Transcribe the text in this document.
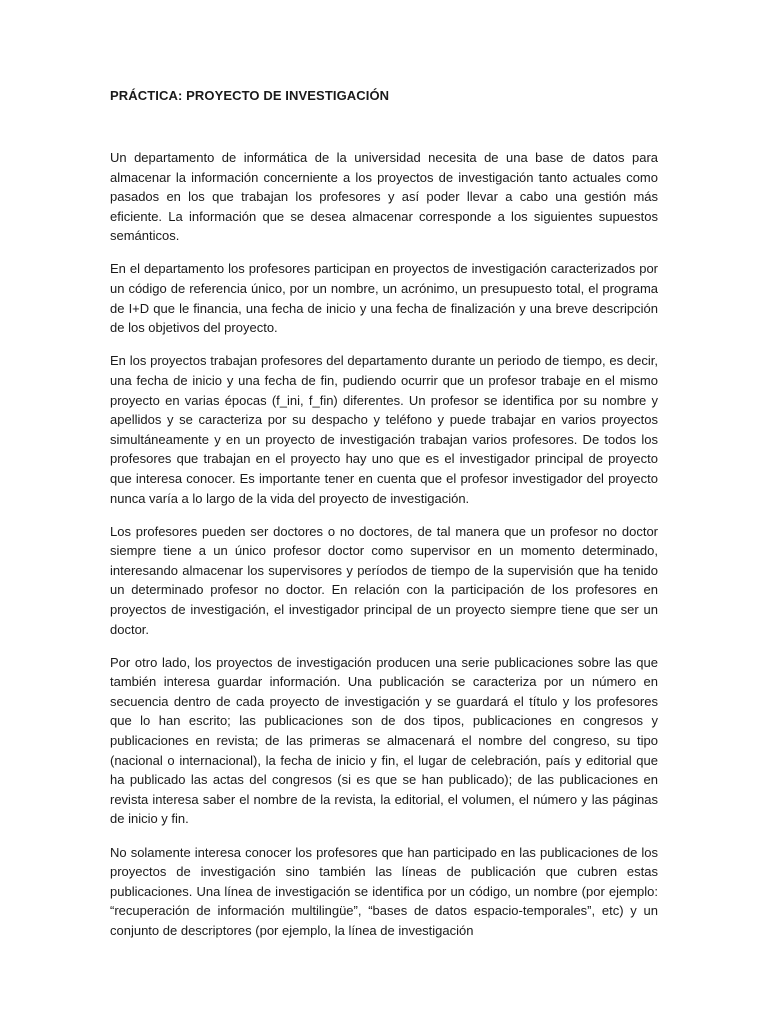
PRÁCTICA: PROYECTO DE INVESTIGACIÓN

Un departamento de informática de la universidad necesita de una base de datos para almacenar la información concerniente a los proyectos de investigación tanto actuales como pasados en los que trabajan los profesores y así poder llevar a cabo una gestión más eficiente. La información que se desea almacenar corresponde a los siguientes supuestos semánticos.

En el departamento los profesores participan en proyectos de investigación caracterizados por un código de referencia único, por un nombre, un acrónimo, un presupuesto total, el programa de I+D que le financia, una fecha de inicio y una fecha de finalización y una breve descripción de los objetivos del proyecto.

En los proyectos trabajan profesores del departamento durante un periodo de tiempo, es decir, una fecha de inicio y una fecha de fin, pudiendo ocurrir que un profesor trabaje en el mismo proyecto en varias épocas (f_ini, f_fin) diferentes. Un profesor se identifica por su nombre y apellidos y se caracteriza por su despacho y teléfono y puede trabajar en varios proyectos simultáneamente y en un proyecto de investigación trabajan varios profesores. De todos los profesores que trabajan en el proyecto hay uno que es el investigador principal de proyecto que interesa conocer. Es importante tener en cuenta que el profesor investigador del proyecto nunca varía a lo largo de la vida del proyecto de investigación.

Los profesores pueden ser doctores o no doctores, de tal manera que un profesor no doctor siempre tiene a un único profesor doctor como supervisor en un momento determinado, interesando almacenar los supervisores y períodos de tiempo de la supervisión que ha tenido un determinado profesor no doctor. En relación con la participación de los profesores en proyectos de investigación, el investigador principal de un proyecto siempre tiene que ser un doctor.

Por otro lado, los proyectos de investigación producen una serie publicaciones sobre las que también interesa guardar información. Una publicación se caracteriza por un número en secuencia dentro de cada proyecto de investigación y se guardará el título y los profesores que lo han escrito; las publicaciones son de dos tipos, publicaciones en congresos y publicaciones en revista; de las primeras se almacenará el nombre del congreso, su tipo (nacional o internacional), la fecha de inicio y fin, el lugar de celebración, país y editorial que ha publicado las actas del congresos (si es que se han publicado); de las publicaciones en revista interesa saber el nombre de la revista, la editorial, el volumen, el número y las páginas de inicio y fin.

No solamente interesa conocer los profesores que han participado en las publicaciones de los proyectos de investigación sino también las líneas de publicación que cubren estas publicaciones. Una línea de investigación se identifica por un código, un nombre (por ejemplo: “recuperación de información multilingüe”, “bases de datos espacio-temporales”, etc) y un conjunto de descriptores (por ejemplo, la línea de investigación
